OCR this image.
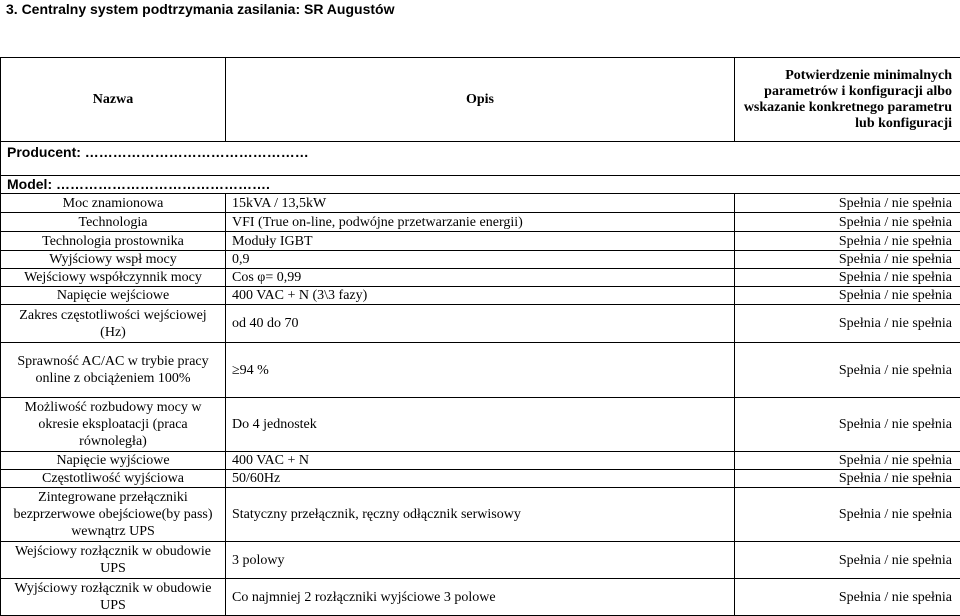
3. Centralny system podtrzymania zasilania: SR Augustów
Nazwa	Opis	Potwierdzenie minimalnych parametrów i konfiguracji albo wskazanie konkretnego parametru lub konfiguracji
Producent: …………………………………………		
Model: ……………………………………….		
Moc znamionowa	15kVA / 13,5kW	Spełnia / nie spełnia
Technologia	VFI (True on-line, podwójne przetwarzanie energii)	Spełnia / nie spełnia
Technologia prostownika	Moduły IGBT	Spełnia / nie spełnia
Wyjściowy wspł mocy	0,9	Spełnia / nie spełnia
Wejściowy współczynnik mocy	Cos φ= 0,99	Spełnia / nie spełnia
Napięcie wejściowe	400 VAC + N (3\3 fazy)	Spełnia / nie spełnia
Zakres częstotliwości wejściowej (Hz)	od 40 do 70	Spełnia / nie spełnia
Sprawność AC/AC w trybie pracy online z obciążeniem 100%	≥94 %	Spełnia / nie spełnia
Możliwość rozbudowy mocy w okresie eksploatacji (praca równoległa)	Do 4 jednostek	Spełnia / nie spełnia
Napięcie wyjściowe	400 VAC + N	Spełnia / nie spełnia
Częstotliwość wyjściowa	50/60Hz	Spełnia / nie spełnia
Zintegrowane przełączniki bezprzerwowe obejściowe(by pass) wewnątrz UPS	Statyczny przełącznik, ręczny odłącznik serwisowy	Spełnia / nie spełnia
Wejściowy rozłącznik w obudowie UPS	3 polowy	Spełnia / nie spełnia
Wyjściowy rozłącznik w obudowie UPS	Co najmniej 2 rozłączniki wyjściowe 3 polowe	Spełnia / nie spełnia
